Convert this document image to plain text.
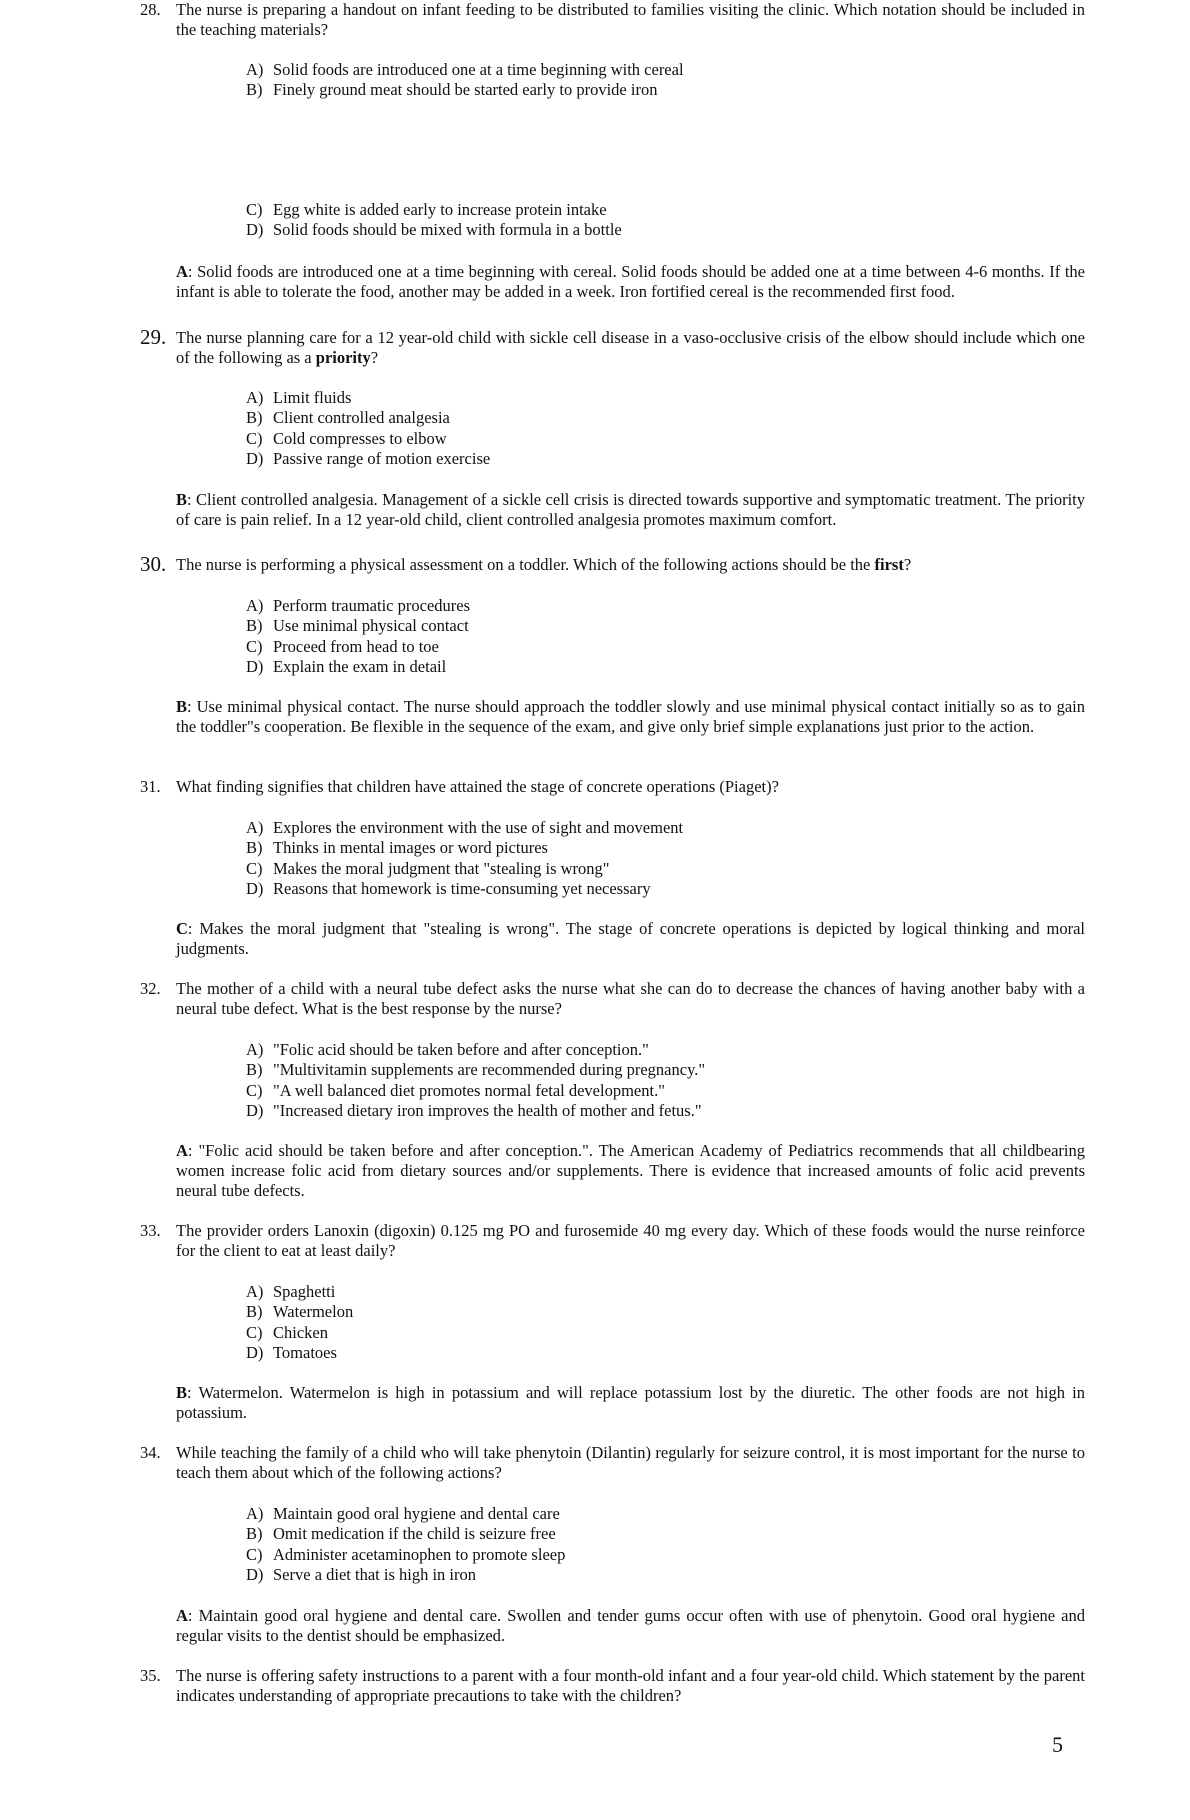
28. The nurse is preparing a handout on infant feeding to be distributed to families visiting the clinic. Which notation should be included in the teaching materials?
A) Solid foods are introduced one at a time beginning with cereal
B) Finely ground meat should be started early to provide iron
C) Egg white is added early to increase protein intake
D) Solid foods should be mixed with formula in a bottle
A: Solid foods are introduced one at a time beginning with cereal. Solid foods should be added one at a time between 4-6 months. If the infant is able to tolerate the food, another may be added in a week. Iron fortified cereal is the recommended first food.
29. The nurse planning care for a 12 year-old child with sickle cell disease in a vaso-occlusive crisis of the elbow should include which one of the following as a priority?
A) Limit fluids
B) Client controlled analgesia
C) Cold compresses to elbow
D) Passive range of motion exercise
B: Client controlled analgesia. Management of a sickle cell crisis is directed towards supportive and symptomatic treatment. The priority of care is pain relief. In a 12 year-old child, client controlled analgesia promotes maximum comfort.
30. The nurse is performing a physical assessment on a toddler. Which of the following actions should be the first?
A) Perform traumatic procedures
B) Use minimal physical contact
C) Proceed from head to toe
D) Explain the exam in detail
B: Use minimal physical contact. The nurse should approach the toddler slowly and use minimal physical contact initially so as to gain the toddler"s cooperation. Be flexible in the sequence of the exam, and give only brief simple explanations just prior to the action.
31. What finding signifies that children have attained the stage of concrete operations (Piaget)?
A) Explores the environment with the use of sight and movement
B) Thinks in mental images or word pictures
C) Makes the moral judgment that "stealing is wrong"
D) Reasons that homework is time-consuming yet necessary
C: Makes the moral judgment that "stealing is wrong". The stage of concrete operations is depicted by logical thinking and moral judgments.
32. The mother of a child with a neural tube defect asks the nurse what she can do to decrease the chances of having another baby with a neural tube defect. What is the best response by the nurse?
A) "Folic acid should be taken before and after conception."
B) "Multivitamin supplements are recommended during pregnancy."
C) "A well balanced diet promotes normal fetal development."
D) "Increased dietary iron improves the health of mother and fetus."
A: "Folic acid should be taken before and after conception.". The American Academy of Pediatrics recommends that all childbearing women increase folic acid from dietary sources and/or supplements. There is evidence that increased amounts of folic acid prevents neural tube defects.
33. The provider orders Lanoxin (digoxin) 0.125 mg PO and furosemide 40 mg every day. Which of these foods would the nurse reinforce for the client to eat at least daily?
A) Spaghetti
B) Watermelon
C) Chicken
D) Tomatoes
B: Watermelon. Watermelon is high in potassium and will replace potassium lost by the diuretic. The other foods are not high in potassium.
34. While teaching the family of a child who will take phenytoin (Dilantin) regularly for seizure control, it is most important for the nurse to teach them about which of the following actions?
A) Maintain good oral hygiene and dental care
B) Omit medication if the child is seizure free
C) Administer acetaminophen to promote sleep
D) Serve a diet that is high in iron
A: Maintain good oral hygiene and dental care. Swollen and tender gums occur often with use of phenytoin. Good oral hygiene and regular visits to the dentist should be emphasized.
35. The nurse is offering safety instructions to a parent with a four month-old infant and a four year-old child. Which statement by the parent indicates understanding of appropriate precautions to take with the children?
5
